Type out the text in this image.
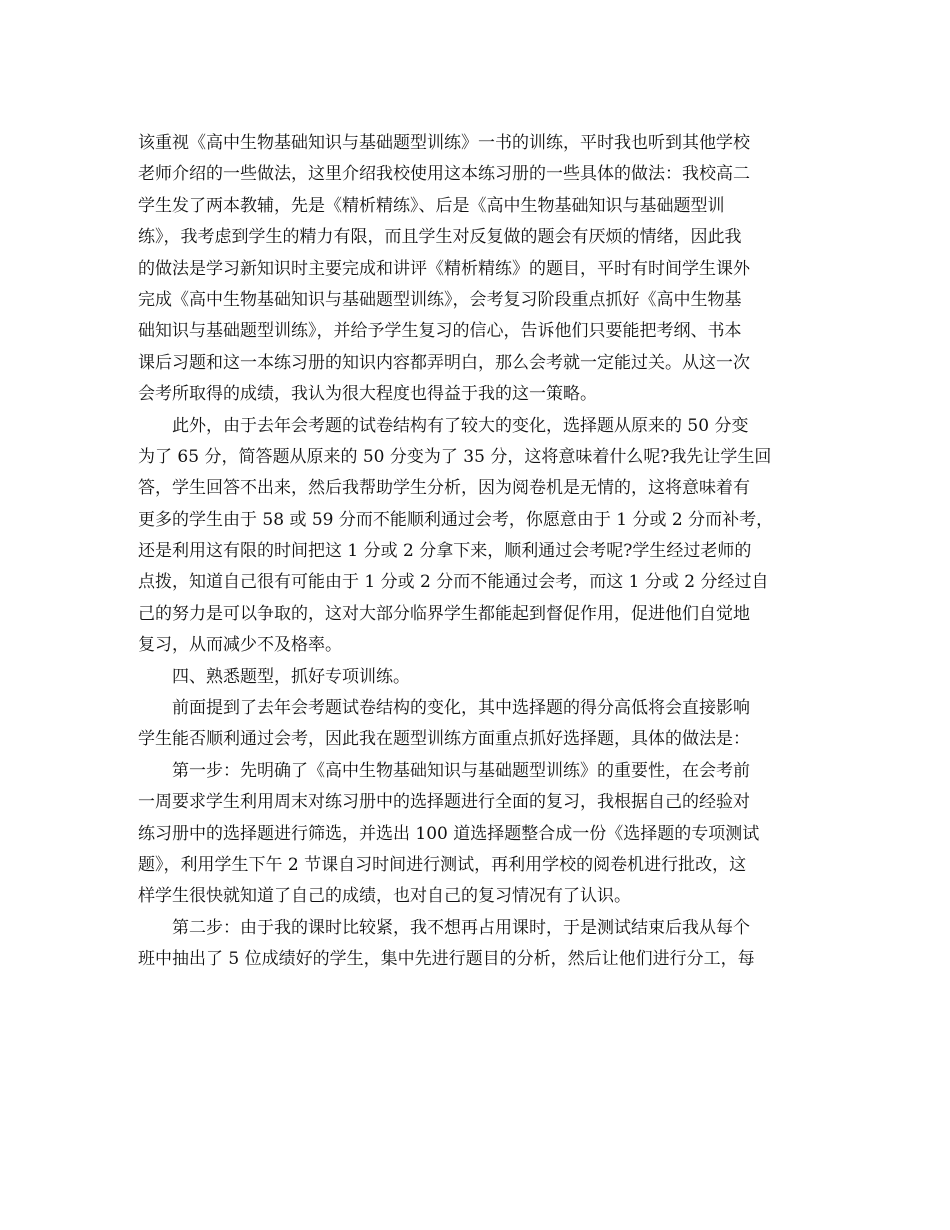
该重视《高中生物基础知识与基础题型训练》一书的训练，平时我也听到其他学校
老师介绍的一些做法，这里介绍我校使用这本练习册的一些具体的做法：我校高二
学生发了两本教辅，先是《精析精练》、后是《高中生物基础知识与基础题型训
练》，我考虑到学生的精力有限，而且学生对反复做的题会有厌烦的情绪，因此我
的做法是学习新知识时主要完成和讲评《精析精练》的题目，平时有时间学生课外
完成《高中生物基础知识与基础题型训练》，会考复习阶段重点抓好《高中生物基
础知识与基础题型训练》，并给予学生复习的信心，告诉他们只要能把考纲、书本
课后习题和这一本练习册的知识内容都弄明白，那么会考就一定能过关。从这一次
会考所取得的成绩，我认为很大程度也得益于我的这一策略。
此外，由于去年会考题的试卷结构有了较大的变化，选择题从原来的 50 分变
为了 65 分，简答题从原来的 50 分变为了 35 分，这将意味着什么呢?我先让学生回
答，学生回答不出来，然后我帮助学生分析，因为阅卷机是无情的，这将意味着有
更多的学生由于 58 或 59 分而不能顺利通过会考，你愿意由于 1 分或 2 分而补考，
还是利用这有限的时间把这 1 分或 2 分拿下来，顺利通过会考呢?学生经过老师的
点拨，知道自己很有可能由于 1 分或 2 分而不能通过会考，而这 1 分或 2 分经过自
己的努力是可以争取的，这对大部分临界学生都能起到督促作用，促进他们自觉地
复习，从而减少不及格率。
四、熟悉题型，抓好专项训练。
前面提到了去年会考题试卷结构的变化，其中选择题的得分高低将会直接影响
学生能否顺利通过会考，因此我在题型训练方面重点抓好选择题，具体的做法是：
第一步：先明确了《高中生物基础知识与基础题型训练》的重要性，在会考前
一周要求学生利用周末对练习册中的选择题进行全面的复习，我根据自己的经验对
练习册中的选择题进行筛选，并选出 100 道选择题整合成一份《选择题的专项测试
题》，利用学生下午 2 节课自习时间进行测试，再利用学校的阅卷机进行批改，这
样学生很快就知道了自己的成绩，也对自己的复习情况有了认识。
第二步：由于我的课时比较紧，我不想再占用课时，于是测试结束后我从每个
班中抽出了 5 位成绩好的学生，集中先进行题目的分析，然后让他们进行分工，每
